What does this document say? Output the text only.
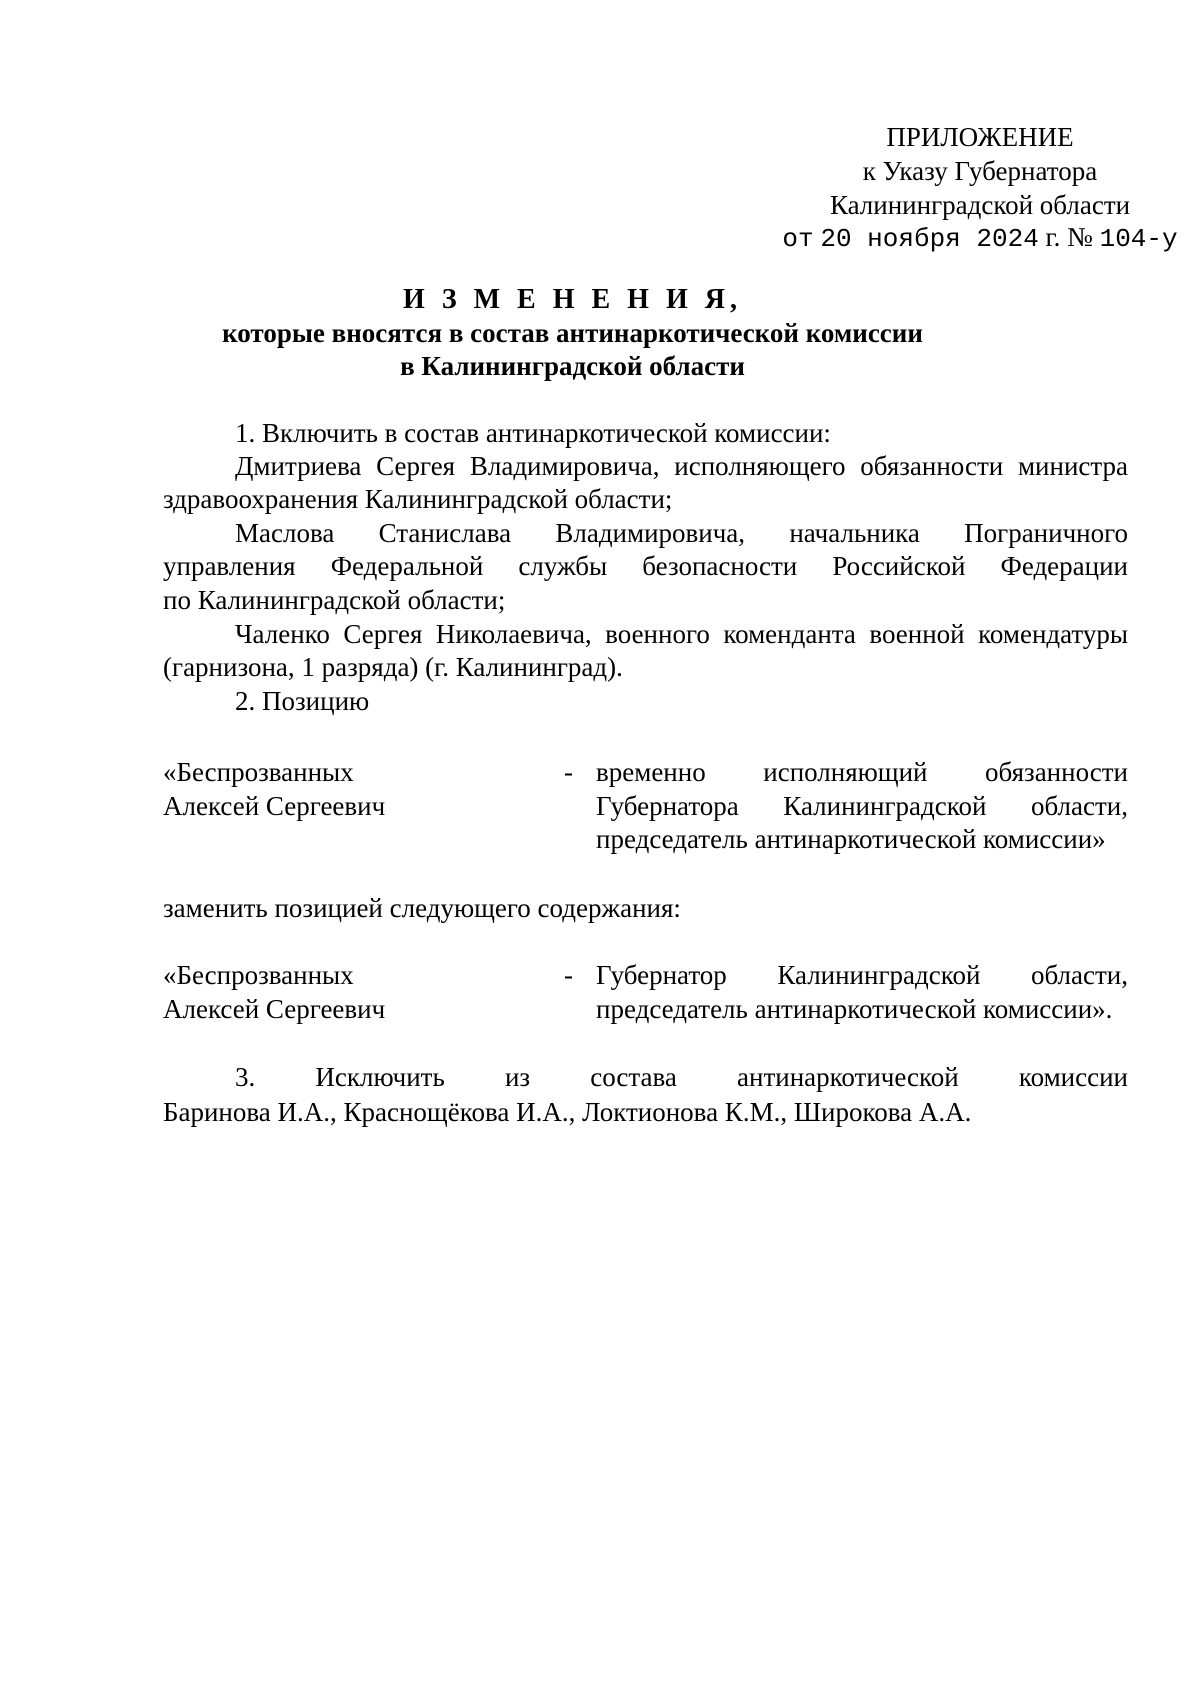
ПРИЛОЖЕНИЕ
к Указу Губернатора
Калининградской области
от 20 ноября 2024 г. № 104-у
И З М Е Н Е Н И Я,
которые вносятся в состав антинаркотической комиссии
в Калининградской области
1. Включить в состав антинаркотической комиссии:
Дмитриева Сергея Владимировича, исполняющего обязанности министра
здравоохранения Калининградской области;
Маслова Станислава Владимировича, начальника Пограничного
управления Федеральной службы безопасности Российской Федерации
по Калининградской области;
Чаленко Сергея Николаевича, военного коменданта военной комендатуры
(гарнизона, 1 разряда) (г. Калининград).
2. Позицию
«Беспрозванных
Алексей Сергеевич
- временно исполняющий обязанности
Губернатора Калининградской области,
председатель антинаркотической комиссии»
заменить позицией следующего содержания:
«Беспрозванных
Алексей Сергеевич
- Губернатор Калининградской области,
председатель антинаркотической комиссии».
3. Исключить из состава антинаркотической комиссии
Баринова И.А., Краснощёкова И.А., Локтионова К.М., Широкова А.А.
